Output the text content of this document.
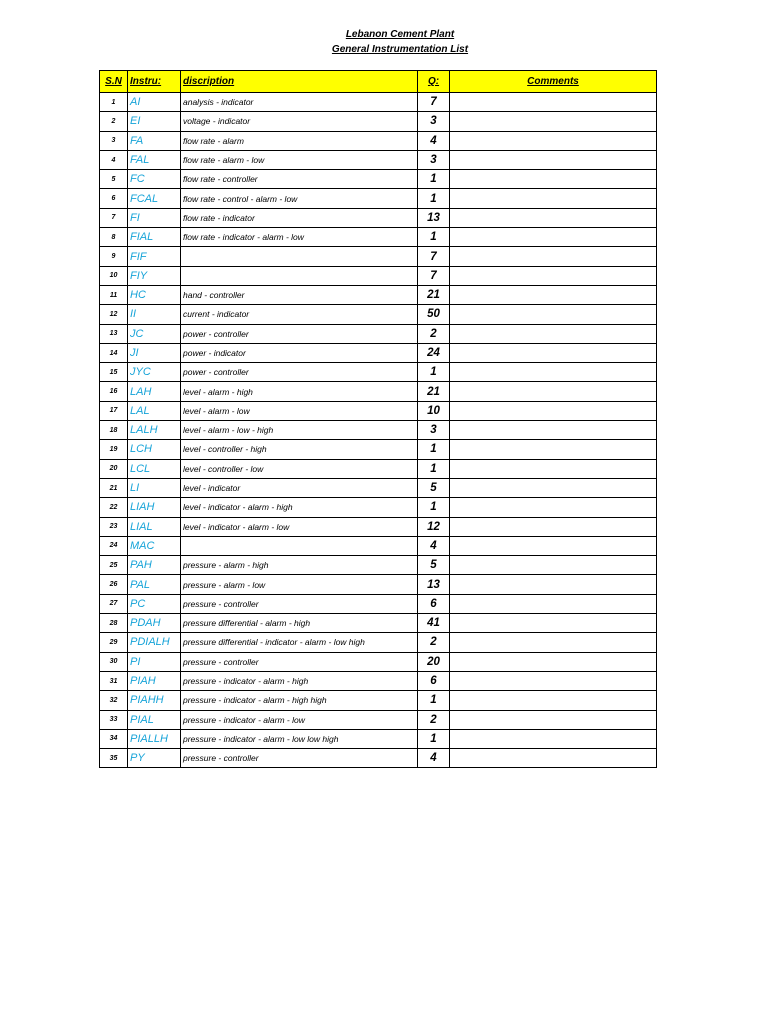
Lebanon Cement Plant
General Instrumentation List
S.N	Instru:	discription	Q:	Comments
1	AI	analysis - indicator	7	
2	EI	voltage - indicator	3	
3	FA	flow rate - alarm	4	
4	FAL	flow rate - alarm - low	3	
5	FC	flow rate - controller	1	
6	FCAL	flow rate - control - alarm - low	1	
7	FI	flow rate - indicator	13	
8	FIAL	flow rate - indicator - alarm - low	1	
9	FIF		7	
10	FIY		7	
11	HC	hand - controller	21	
12	II	current - indicator	50	
13	JC	power - controller	2	
14	JI	power - indicator	24	
15	JYC	power - controller	1	
16	LAH	level - alarm - high	21	
17	LAL	level - alarm - low	10	
18	LALH	level - alarm - low - high	3	
19	LCH	level - controller - high	1	
20	LCL	level - controller - low	1	
21	LI	level - indicator	5	
22	LIAH	level - indicator - alarm - high	1	
23	LIAL	level - indicator - alarm - low	12	
24	MAC		4	
25	PAH	pressure - alarm - high	5	
26	PAL	pressure - alarm - low	13	
27	PC	pressure - controller	6	
28	PDAH	pressure differential - alarm - high	41	
29	PDIALH	pressure differential - indicator - alarm - low high	2	
30	PI	pressure - controller	20	
31	PIAH	pressure - indicator - alarm - high	6	
32	PIAHH	pressure - indicator - alarm - high high	1	
33	PIAL	pressure - indicator - alarm - low	2	
34	PIALLH	pressure - indicator - alarm - low low high	1	
35	PY	pressure - controller	4	
